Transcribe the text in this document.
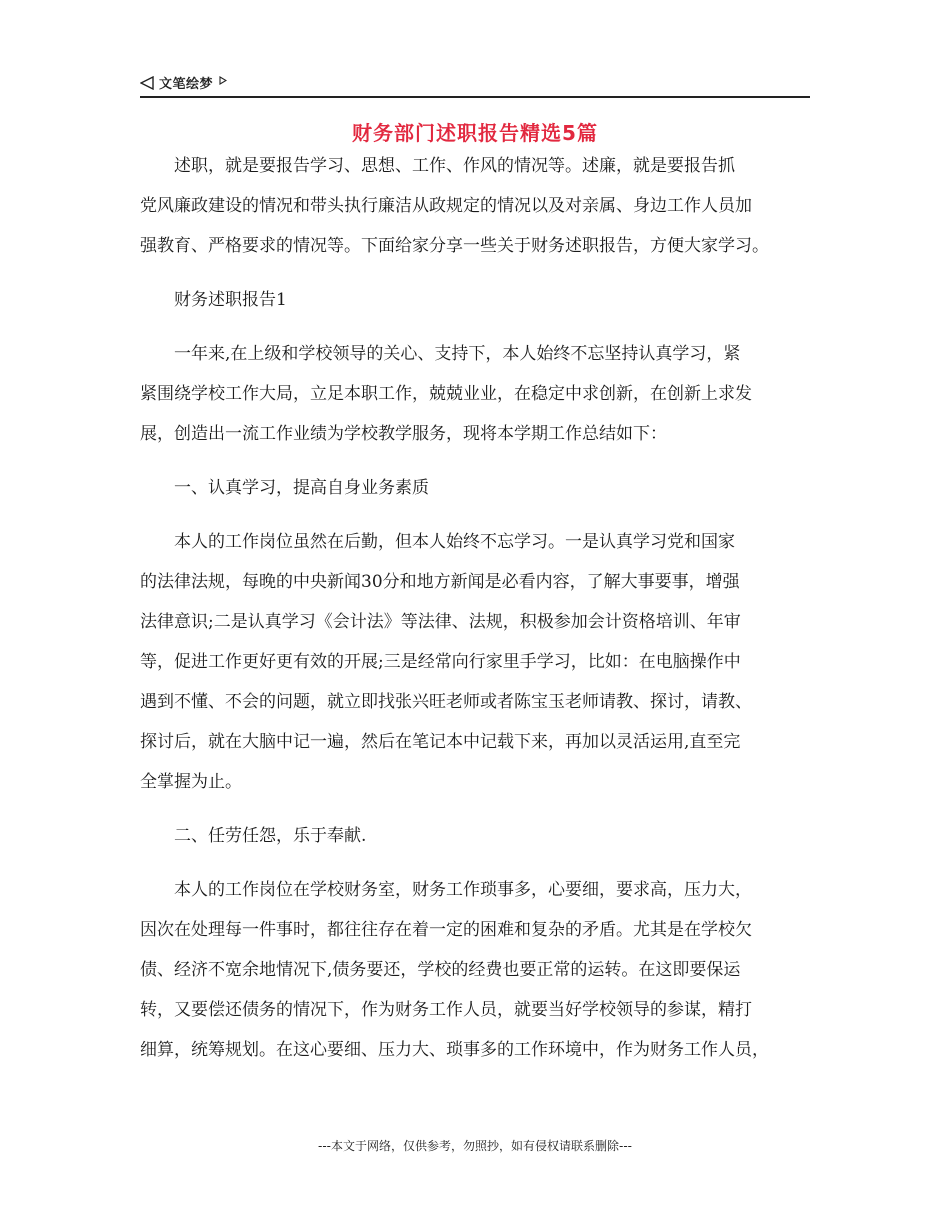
文笔绘梦
财务部门述职报告精选5篇

述职，就是要报告学习、思想、工作、作风的情况等。述廉，就是要报告抓
党风廉政建设的情况和带头执行廉洁从政规定的情况以及对亲属、身边工作人员加
强教育、严格要求的情况等。下面给家分享一些关于财务述职报告，方便大家学习。

财务述职报告1

一年来,在上级和学校领导的关心、支持下，本人始终不忘坚持认真学习，紧
紧围绕学校工作大局，立足本职工作，兢兢业业，在稳定中求创新，在创新上求发
展，创造出一流工作业绩为学校教学服务，现将本学期工作总结如下：

一、认真学习，提高自身业务素质

本人的工作岗位虽然在后勤，但本人始终不忘学习。一是认真学习党和国家
的法律法规，每晚的中央新闻30分和地方新闻是必看内容，了解大事要事，增强
法律意识;二是认真学习《会计法》等法律、法规，积极参加会计资格培训、年审
等，促进工作更好更有效的开展;三是经常向行家里手学习，比如：在电脑操作中
遇到不懂、不会的问题，就立即找张兴旺老师或者陈宝玉老师请教、探讨，请教、
探讨后，就在大脑中记一遍，然后在笔记本中记载下来，再加以灵活运用,直至完
全掌握为止。

二、任劳任怨，乐于奉献.

本人的工作岗位在学校财务室，财务工作琐事多，心要细，要求高，压力大，
因次在处理每一件事时，都往往存在着一定的困难和复杂的矛盾。尤其是在学校欠
债、经济不宽余地情况下,债务要还，学校的经费也要正常的运转。在这即要保运
转，又要偿还债务的情况下，作为财务工作人员，就要当好学校领导的参谋，精打
细算，统筹规划。在这心要细、压力大、琐事多的工作环境中，作为财务工作人员，

---本文于网络，仅供参考，勿照抄，如有侵权请联系删除---
